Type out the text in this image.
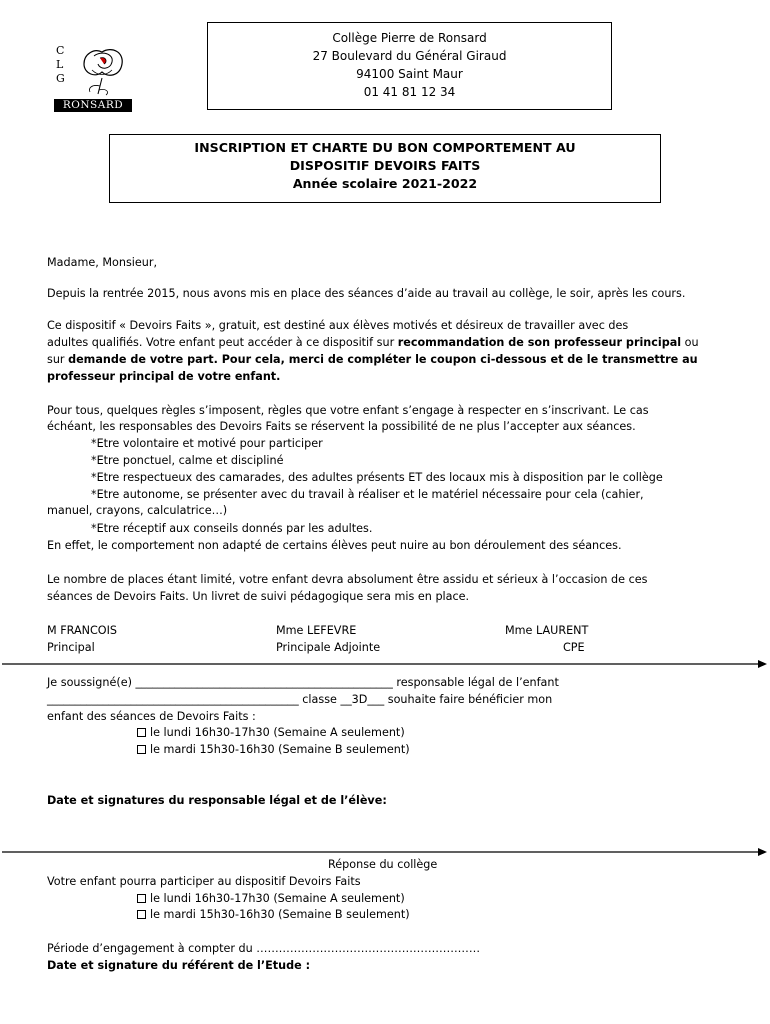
C
L
G
RONSARD
Collège Pierre de Ronsard
27 Boulevard du Général Giraud
94100 Saint Maur
01 41 81 12 34
INSCRIPTION ET CHARTE DU BON COMPORTEMENT AU
DISPOSITIF DEVOIRS FAITS
Année scolaire 2021-2022

Madame, Monsieur,

Depuis la rentrée 2015, nous avons mis en place des séances d’aide au travail au collège, le soir, après les cours.

Ce dispositif « Devoirs Faits », gratuit, est destiné aux élèves motivés et désireux de travailler avec des

adultes qualifiés. Votre enfant peut accéder à ce dispositif sur recommandation de son professeur principal ou

sur demande de votre part. Pour cela, merci de compléter le coupon ci-dessous et de le transmettre au

professeur principal de votre enfant.

Pour tous, quelques règles s’imposent, règles que votre enfant s’engage à respecter en s’inscrivant. Le cas

échéant, les responsables des Devoirs Faits se réservent la possibilité de ne plus l’accepter aux séances.

*Etre volontaire et motivé pour participer

*Etre ponctuel, calme et discipliné

*Etre respectueux des camarades, des adultes présents ET des locaux mis à disposition par le collège

*Etre autonome, se présenter avec du travail à réaliser et le matériel nécessaire pour cela (cahier,

manuel, crayons, calculatrice…)

*Etre réceptif aux conseils donnés par les adultes.

En effet, le comportement non adapté de certains élèves peut nuire au bon déroulement des séances.

Le nombre de places étant limité, votre enfant devra absolument être assidu et sérieux à l’occasion de ces

séances de Devoirs Faits. Un livret de suivi pédagogique sera mis en place.

M FRANCOIS

Principal

Mme LEFEVRE

Principale Adjointe

Mme LAURENT

CPE

Je soussigné(e) ______________________________________________ responsable légal de l’enfant

_____________________________________________ classe __3D___ souhaite faire bénéficier mon

enfant des séances de Devoirs Faits :

le lundi 16h30-17h30 (Semaine A seulement)

le mardi 15h30-16h30 (Semaine B seulement)

Date et signatures du responsable légal et de l’élève:

Réponse du collège

Votre enfant pourra participer au dispositif Devoirs Faits

le lundi 16h30-17h30 (Semaine A seulement)

le mardi 15h30-16h30 (Semaine B seulement)

Période d’engagement à compter du ……………………………………………………

Date et signature du référent de l’Etude :
